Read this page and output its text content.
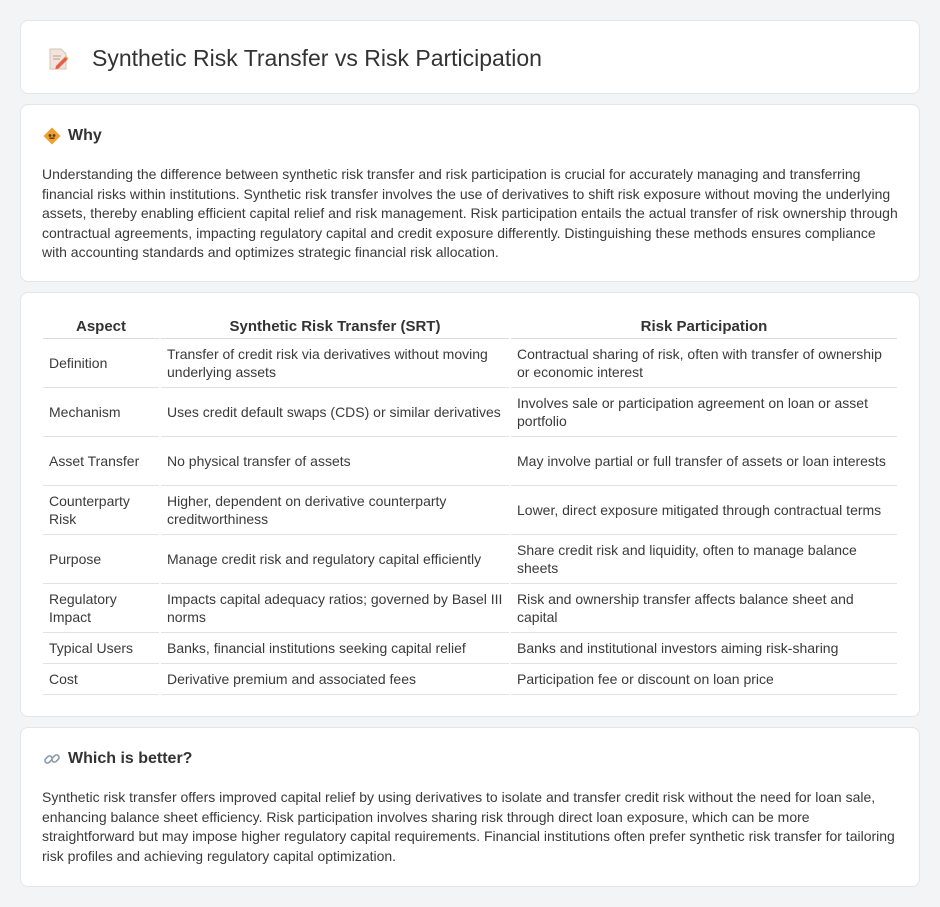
Synthetic Risk Transfer vs Risk Participation
Why

Understanding the difference between synthetic risk transfer and risk participation is crucial for accurately managing and transferring financial risks within institutions. Synthetic risk transfer involves the use of derivatives to shift risk exposure without moving the underlying assets, thereby enabling efficient capital relief and risk management. Risk participation entails the actual transfer of risk ownership through contractual agreements, impacting regulatory capital and credit exposure differently. Distinguishing these methods ensures compliance with accounting standards and optimizes strategic financial risk allocation.

Aspect	Synthetic Risk Transfer (SRT)	Risk Participation
Definition	Transfer of credit risk via derivatives without moving underlying assets	Contractual sharing of risk, often with transfer of ownership or economic interest
Mechanism	Uses credit default swaps (CDS) or similar derivatives	Involves sale or participation agreement on loan or asset portfolio
Asset Transfer	No physical transfer of assets	May involve partial or full transfer of assets or loan interests
Counterparty Risk	Higher, dependent on derivative counterparty creditworthiness	Lower, direct exposure mitigated through contractual terms
Purpose	Manage credit risk and regulatory capital efficiently	Share credit risk and liquidity, often to manage balance sheets
Regulatory Impact	Impacts capital adequacy ratios; governed by Basel III norms	Risk and ownership transfer affects balance sheet and capital
Typical Users	Banks, financial institutions seeking capital relief	Banks and institutional investors aiming risk-sharing
Cost	Derivative premium and associated fees	Participation fee or discount on loan price
Which is better?

Synthetic risk transfer offers improved capital relief by using derivatives to isolate and transfer credit risk without the need for loan sale, enhancing balance sheet efficiency. Risk participation involves sharing risk through direct loan exposure, which can be more straightforward but may impose higher regulatory capital requirements. Financial institutions often prefer synthetic risk transfer for tailoring risk profiles and achieving regulatory capital optimization.
